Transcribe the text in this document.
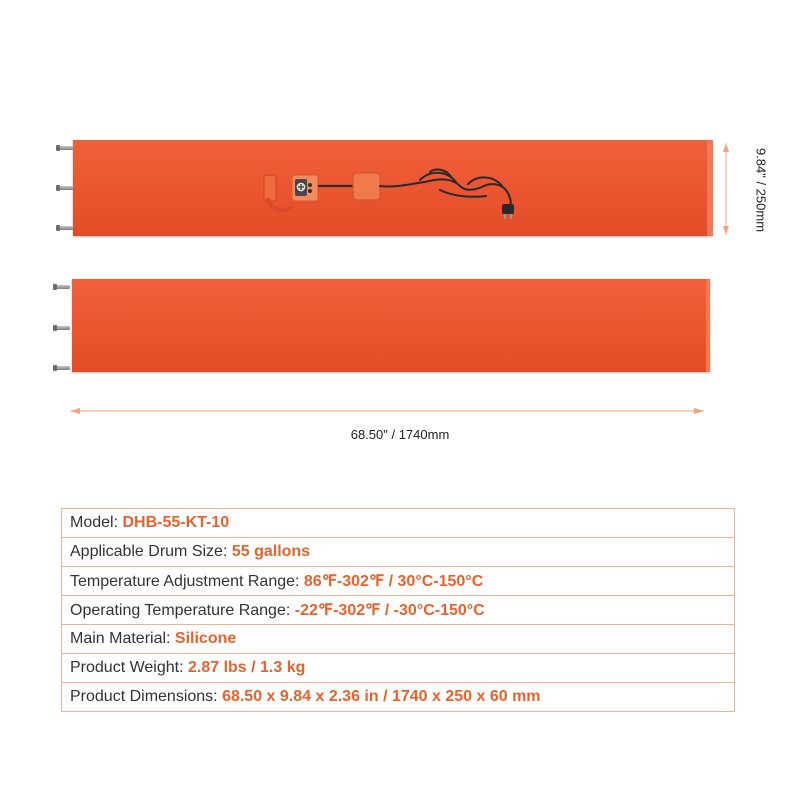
68.50" / 1740mm
9.84" / 250mm
Model: DHB-55-KT-10
Applicable Drum Size: 55 gallons
Temperature Adjustment Range: 86℉-302℉ / 30°C-150°C
Operating Temperature Range: -22℉-302℉ / -30°C-150°C
Main Material: Silicone
Product Weight: 2.87 lbs / 1.3 kg
Product Dimensions: 68.50 x 9.84 x 2.36 in / 1740 x 250 x 60 mm
